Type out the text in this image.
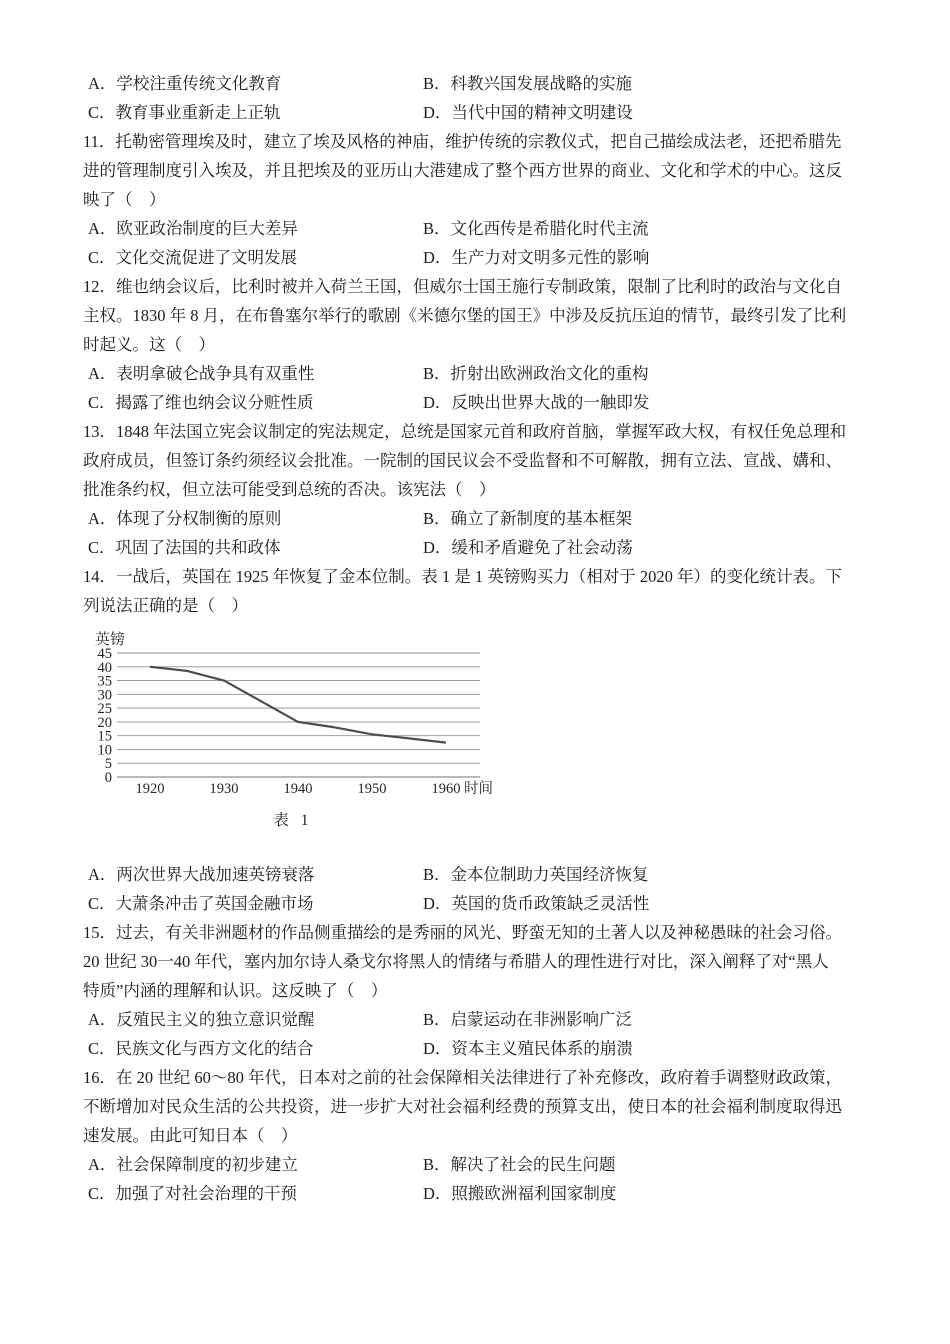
A．学校注重传统文化教育	B．科教兴国发展战略的实施
C．教育事业重新走上正轨	D．当代中国的精神文明建设
11．托勒密管理埃及时，建立了埃及风格的神庙，维护传统的宗教仪式，把自己描绘成法老，还把希腊先
进的管理制度引入埃及，并且把埃及的亚历山大港建成了整个西方世界的商业、文化和学术的中心。这反
映了（　）
A．欧亚政治制度的巨大差异	B．文化西传是希腊化时代主流
C．文化交流促进了文明发展	D．生产力对文明多元性的影响
12．维也纳会议后，比利时被并入荷兰王国，但威尔士国王施行专制政策，限制了比利时的政治与文化自
主权。1830 年 8 月，在布鲁塞尔举行的歌剧《米德尔堡的国王》中涉及反抗压迫的情节，最终引发了比利
时起义。这（　）
A．表明拿破仑战争具有双重性	B．折射出欧洲政治文化的重构
C．揭露了维也纳会议分赃性质	D．反映出世界大战的一触即发
13．1848 年法国立宪会议制定的宪法规定，总统是国家元首和政府首脑，掌握军政大权，有权任免总理和
政府成员，但签订条约须经议会批准。一院制的国民议会不受监督和不可解散，拥有立法、宣战、媾和、
批准条约权，但立法可能受到总统的否决。该宪法（　）
A．体现了分权制衡的原则	B．确立了新制度的基本框架
C．巩固了法国的共和政体	D．缓和矛盾避免了社会动荡
14．一战后，英国在 1925 年恢复了金本位制。表 1 是 1 英镑购买力（相对于 2020 年）的变化统计表。下
列说法正确的是（　）
英镑
0
5
10
15
20
25
30
35
40
45
1920	1930	1940	1950	1960 时间
表 1
A．两次世界大战加速英镑衰落	B．金本位制助力英国经济恢复
C．大萧条冲击了英国金融市场	D．英国的货币政策缺乏灵活性
15．过去，有关非洲题材的作品侧重描绘的是秀丽的风光、野蛮无知的土著人以及神秘愚昧的社会习俗。
20 世纪 30一40 年代，塞内加尔诗人桑戈尔将黑人的情绪与希腊人的理性进行对比，深入阐释了对“黑人
特质”内涵的理解和认识。这反映了（　）
A．反殖民主义的独立意识觉醒	B．启蒙运动在非洲影响广泛
C．民族文化与西方文化的结合	D．资本主义殖民体系的崩溃
16．在 20 世纪 60～80 年代，日本对之前的社会保障相关法律进行了补充修改，政府着手调整财政政策，
不断增加对民众生活的公共投资，进一步扩大对社会福利经费的预算支出，使日本的社会福利制度取得迅
速发展。由此可知日本（　）
A．社会保障制度的初步建立	B．解决了社会的民生问题
C．加强了对社会治理的干预	D．照搬欧洲福利国家制度
